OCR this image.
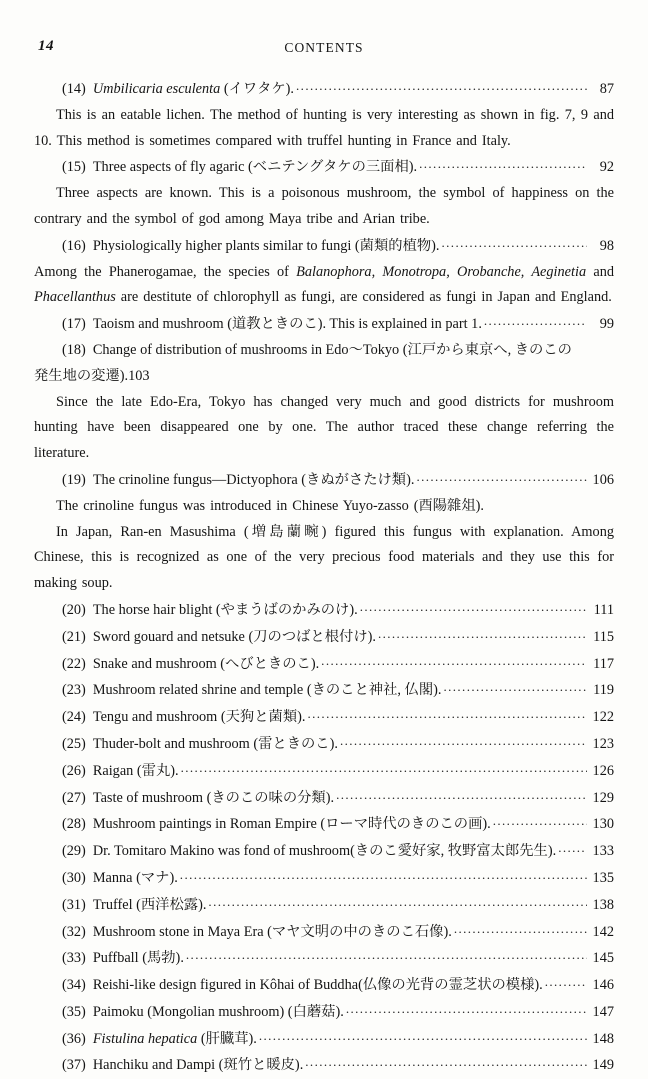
14	CONTENTS
(14) Umbilicaria esculenta (イワタケ). .....	87

This is an eatable lichen. The method of hunting is very interesting as shown in fig. 7, 9 and 10. This method is sometimes compared with truffel hunting in France and Italy.

(15) Three aspects of fly agaric (ベニテングタケの三面相). .....	92

Three aspects are known. This is a poisonous mushroom, the symbol of happiness on the contrary and the symbol of god among Maya tribe and Arian tribe.

(16) Physiologically higher plants similar to fungi (菌類的植物). .....	98

Among the Phanerogamae, the species of Balanophora, Monotropa, Orobanche, Aeginetia and Phacellanthus are destitute of chlorophyll as fungi, are considered as fungi in Japan and England.

(17) Taoism and mushroom (道教ときのこ). This is explained in part 1. .....	99
(18) Change of distribution of mushrooms in Edo〜Tokyo (江戸から東京へ, きのこの
発生地の変遷). 103

Since the late Edo-Era, Tokyo has changed very much and good districts for mushroom hunting have been disappeared one by one. The author traced these change referring the literature.

(19) The crinoline fungus—Dictyophora (きぬがさたけ類). .....	106

The crinoline fungus was introduced in Chinese Yuyo-zasso (酉陽雜俎).

In Japan, Ran-en Masushima (増島蘭畹) figured this fungus with explanation. Among Chinese, this is recognized as one of the very precious food materials and they use this for making soup.

(20) The horse hair blight (やまうばのかみのけ). .....	111
(21) Sword gouard and netsuke (刀のつばと根付け). .....	115
(22) Snake and mushroom (へびときのこ). .....	117
(23) Mushroom related shrine and temple (きのこと神社, 仏閣). .....	119
(24) Tengu and mushroom (天狗と菌類). .....	122
(25) Thuder-bolt and mushroom (雷ときのこ). .....	123
(26) Raigan (雷丸). .....	126
(27) Taste of mushroom (きのこの味の分類). .....	129
(28) Mushroom paintings in Roman Empire (ローマ時代のきのこの画). .....	130
(29) Dr. Tomitaro Makino was fond of mushroom(きのこ愛好家, 牧野富太郎先生). .....	133
(30) Manna (マナ). .....	135
(31) Truffel (西洋松露). .....	138
(32) Mushroom stone in Maya Era (マヤ文明の中のきのこ石像). .....	142
(33) Puffball (馬勃). .....	145
(34) Reishi-like design figured in Kôhai of Buddha(仏像の光背の霊芝状の模様). .....	146
(35) Paimoku (Mongolian mushroom) (白蘑菇). .....	147
(36) Fistulina hepatica (肝臓茸). .....	148
(37) Hanchiku and Dampi (斑竹と暖皮). .....	149
